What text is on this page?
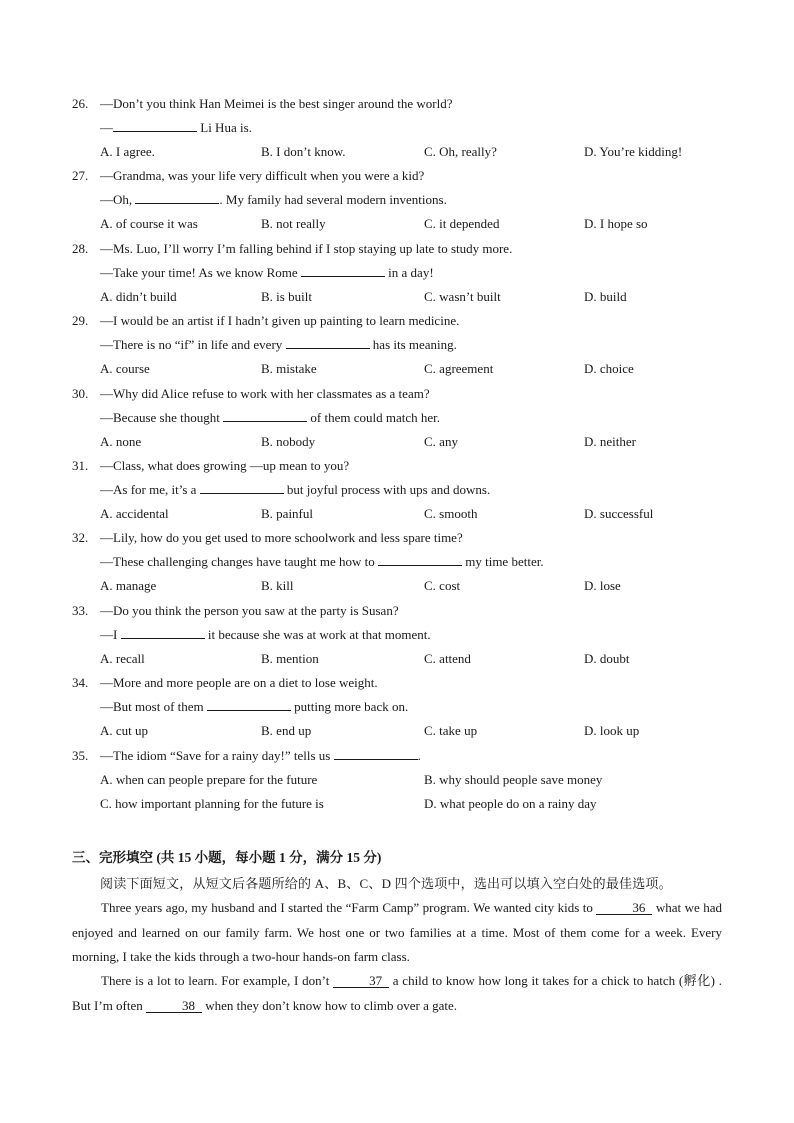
26. —Don’t you think Han Meimei is the best singer around the world?
—	Li Hua is.
A. I agree.	B. I don’t know.	C. Oh, really?	D. You’re kidding!
27. —Grandma, was your life very difficult when you were a kid?
—Oh,	. My family had several modern inventions.
A. of course it was	B. not really	C. it depended	D. I hope so
28. —Ms. Luo, I’ll worry I’m falling behind if I stop staying up late to study more.
—Take your time! As we know Rome	in a day!
A. didn’t build	B. is built	C. wasn’t built	D. build
29. —I would be an artist if I hadn’t given up painting to learn medicine.
—There is no “if” in life and every	has its meaning.
A. course	B. mistake	C. agreement	D. choice
30. —Why did Alice refuse to work with her classmates as a team?
—Because she thought	of them could match her.
A. none	B. nobody	C. any	D. neither
31. —Class, what does growing —up mean to you?
—As for me, it’s a	but joyful process with ups and downs.
A. accidental	B. painful	C. smooth	D. successful
32. —Lily, how do you get used to more schoolwork and less spare time?
—These challenging changes have taught me how to	my time better.
A. manage	B. kill	C. cost	D. lose
33. —Do you think the person you saw at the party is Susan?
—I	it because she was at work at that moment.
A. recall	B. mention	C. attend	D. doubt
34. —More and more people are on a diet to lose weight.
—But most of them	putting more back on.
A. cut up	B. end up	C. take up	D. look up
35. —The idiom “Save for a rainy day!” tells us	.
A. when can people prepare for the future	B. why should people save money
C. how important planning for the future is	D. what people do on a rainy day
三、完形填空 (共 15 小题，每小题 1 分，满分 15 分)
阅读下面短文，从短文后各题所给的 A、B、C、D 四个选项中，选出可以填入空白处的最佳选项。
Three years ago, my husband and I started the “Farm Camp” program. We wanted city kids to	36 what we had enjoyed and learned on our family farm. We host one or two families at a time. Most of them come for a week. Every morning, I take the kids through a two-hour hands-on farm class.
There is a lot to learn. For example, I don’t	37 a child to know how long it takes for a chick to hatch (孵化) . But I’m often	38 when they don’t know how to climb over a gate.
